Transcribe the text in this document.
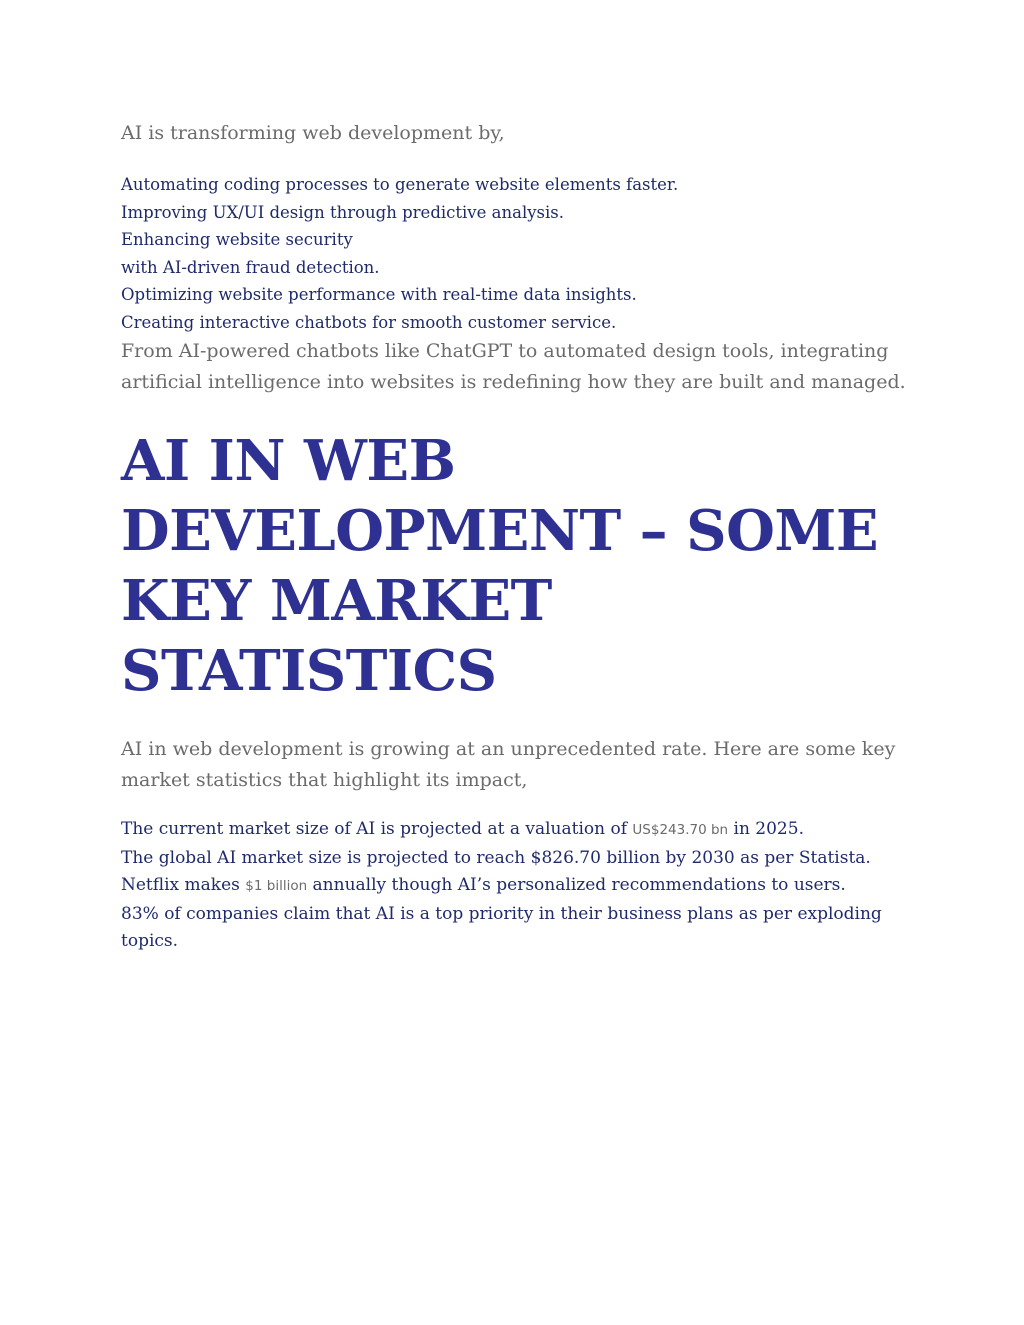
AI is transforming web development by,

Automating coding processes to generate website elements faster.
Improving UX/UI design through predictive analysis.
Enhancing website security
with AI-driven fraud detection.
Optimizing website performance with real-time data insights.
Creating interactive chatbots for smooth customer service.

From AI-powered chatbots like ChatGPT to automated design tools, integrating artificial intelligence into websites is redefining how they are built and managed.

AI IN WEB DEVELOPMENT – SOME KEY MARKET STATISTICS

AI in web development is growing at an unprecedented rate. Here are some key market statistics that highlight its impact,

The current market size of AI is projected at a valuation of US$243.70 bn in 2025.
The global AI market size is projected to reach $826.70 billion by 2030 as per Statista.
Netflix makes $1 billion annually though AI’s personalized recommendations to users.
83% of companies claim that AI is a top priority in their business plans as per exploding topics.
